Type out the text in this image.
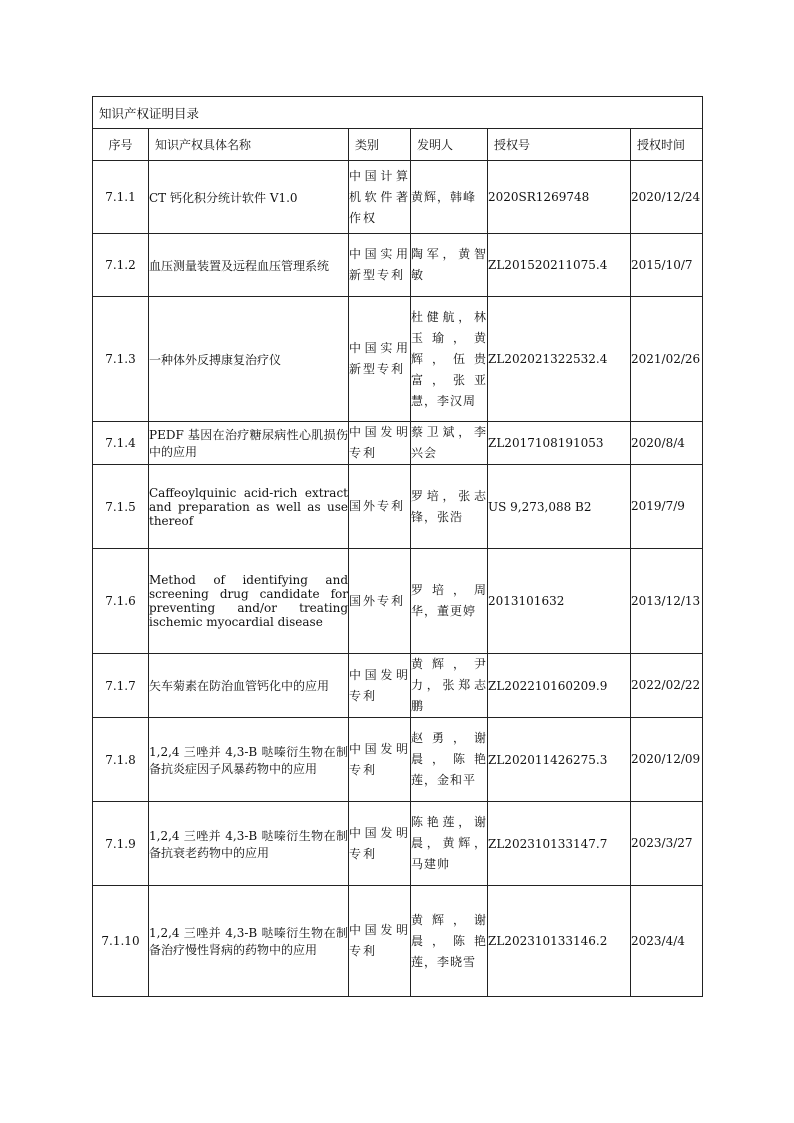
知识产权证明目录					
序号	知识产权具体名称	类别	发明人	授权号	授权时间

7.1.1	CT 钙化积分统计软件 V1.0	中国计算机软件著作权	黄辉，韩峰	2020SR1269748	2020/12/24
7.1.2	血压测量装置及远程血压管理系统	中国实用新型专利	陶军，黄智敏	ZL201520211075.4	2015/10/7
7.1.3	一种体外反搏康复治疗仪	中国实用新型专利	杜健航，林玉瑜，黄辉，伍贵富，张亚慧，李汉周	ZL202021322532.4	2021/02/26
7.1.4	PEDF 基因在治疗糖尿病性心肌损伤中的应用	中国发明专利	蔡卫斌，李兴会	ZL2017108191053	2020/8/4
7.1.5	Caffeoylquinic acid-rich extract and preparation as well as use thereof	国外专利	罗培，张志锋，张浩	US 9,273,088 B2	2019/7/9
7.1.6	Method of identifying and screening drug candidate for preventing and/or treating ischemic myocardial disease	国外专利	罗培，周华，董更婷	2013101632	2013/12/13
7.1.7	矢车菊素在防治血管钙化中的应用	中国发明专利	黄辉，尹力，张郑志鹏	ZL202210160209.9	2022/02/22
7.1.8	1,2,4 三唑并 4,3-B 哒嗪衍生物在制备抗炎症因子风暴药物中的应用	中国发明专利	赵勇，谢晨，陈艳莲，金和平	ZL202011426275.3	2020/12/09
7.1.9	1,2,4 三唑并 4,3-B 哒嗪衍生物在制备抗衰老药物中的应用	中国发明专利	陈艳莲，谢晨，黄辉，马建帅	ZL202310133147.7	2023/3/27
7.1.10	1,2,4 三唑并 4,3-B 哒嗪衍生物在制备治疗慢性肾病的药物中的应用	中国发明专利	黄辉，谢晨，陈艳莲，李晓雪	ZL202310133146.2	2023/4/4
